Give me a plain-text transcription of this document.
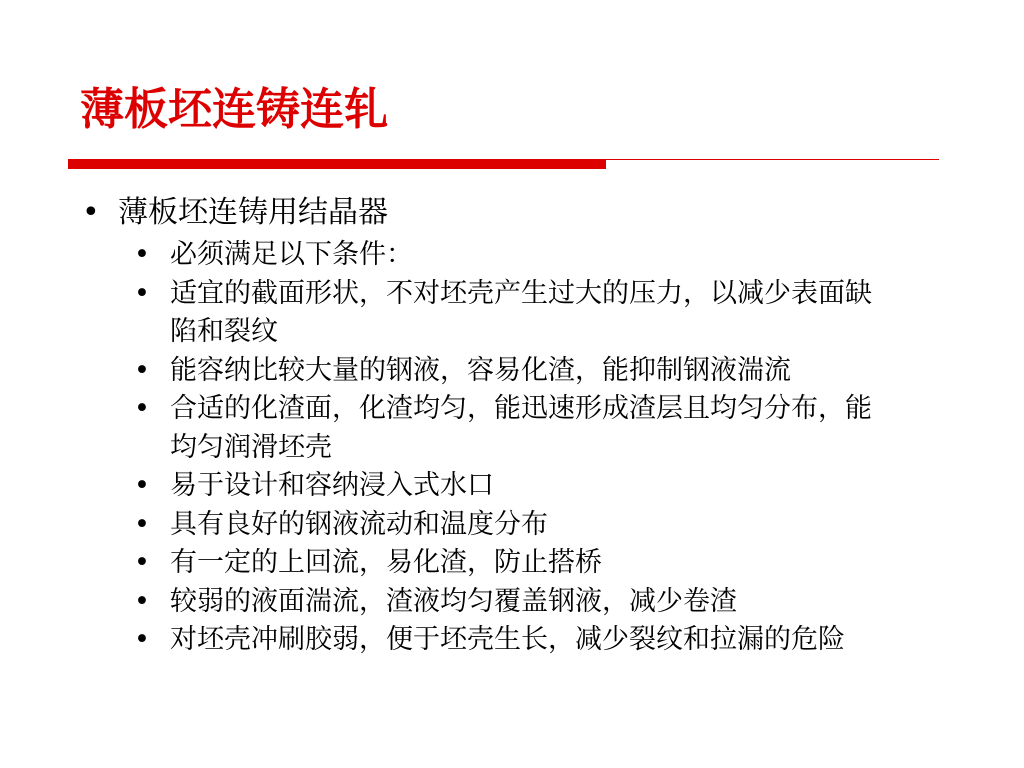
薄板坯连铸连轧
• 薄板坯连铸用结晶器
• 必须满足以下条件：
• 适宜的截面形状，不对坯壳产生过大的压力，以减少表面缺陷和裂纹
• 能容纳比较大量的钢液，容易化渣，能抑制钢液湍流
• 合适的化渣面，化渣均匀，能迅速形成渣层且均匀分布，能均匀润滑坯壳
• 易于设计和容纳浸入式水口
• 具有良好的钢液流动和温度分布
• 有一定的上回流，易化渣，防止搭桥
• 较弱的液面湍流，渣液均匀覆盖钢液，减少卷渣
• 对坯壳冲刷胶弱，便于坯壳生长，减少裂纹和拉漏的危险
